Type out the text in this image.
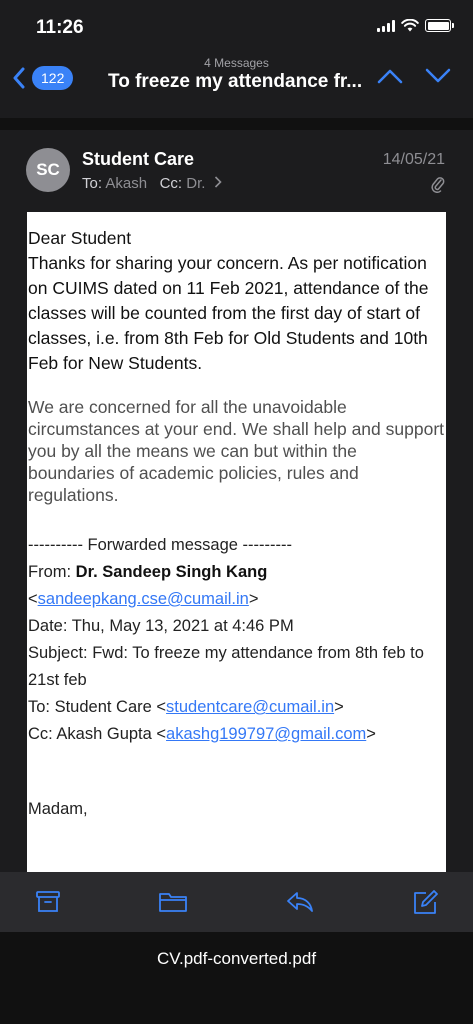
11:26
4 Messages
122	To freeze my attendance fr...
SC
Student Care
To: Akash Cc: Dr.
14/05/21
Dear Student
Thanks for sharing your concern. As per notification on CUIMS dated on 11 Feb 2021, attendance of the classes will be counted from the first day of start of classes, i.e. from 8th Feb for Old Students and 10th Feb for New Students.
We are concerned for all the unavoidable circumstances at your end. We shall help and support you by all the means we can but within the boundaries of academic policies, rules and regulations.
---------- Forwarded message ---------
From: Dr. Sandeep Singh Kang
<sandeepkang.cse@cumail.in>
Date: Thu, May 13, 2021 at 4:46 PM
Subject: Fwd: To freeze my attendance from 8th feb to 21st feb
To: Student Care <studentcare@cumail.in>
Cc: Akash Gupta <akashg199797@gmail.com>
Madam,
CV.pdf-converted.pdf
